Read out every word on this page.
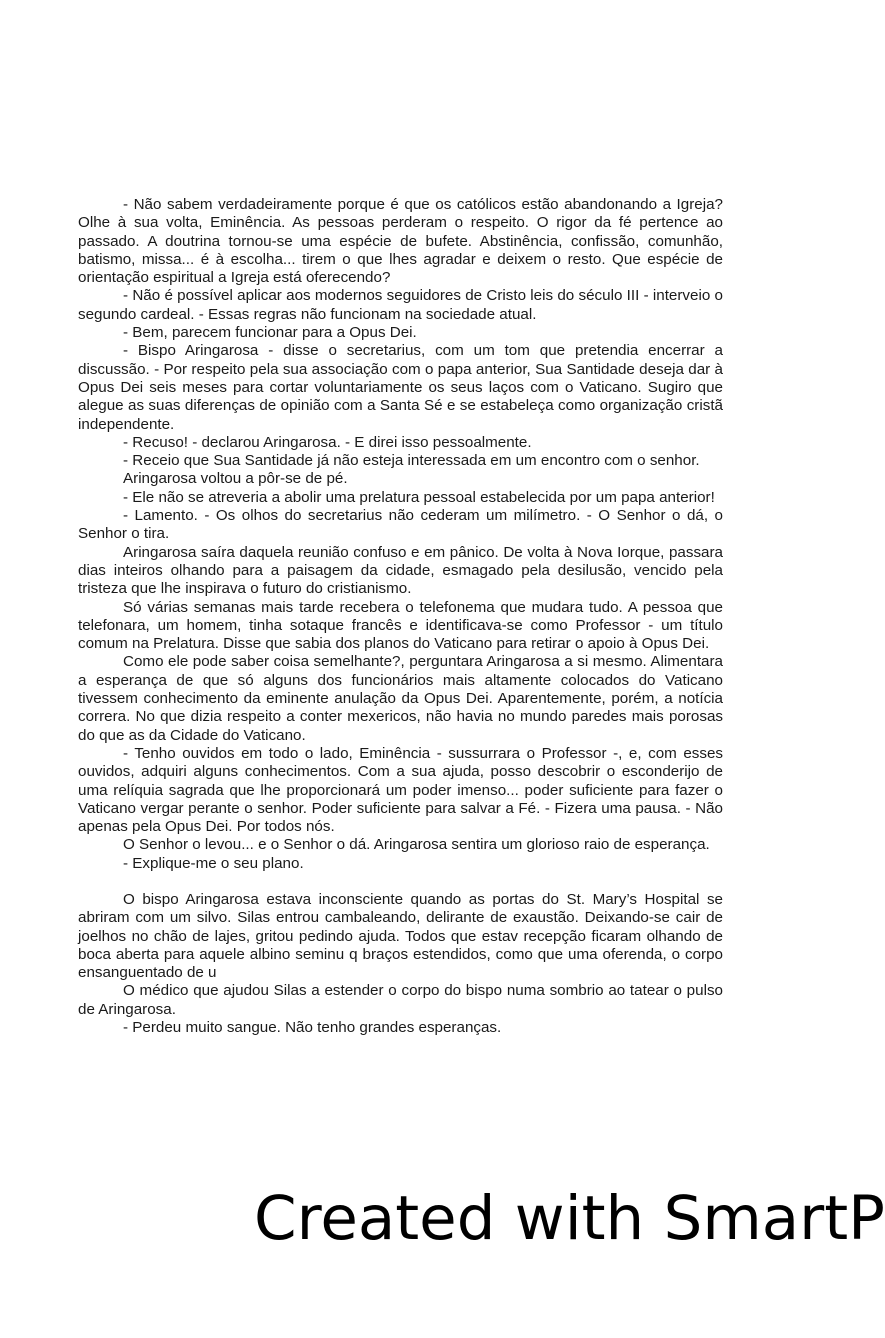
- Não sabem verdadeiramente porque é que os católicos estão abandonando a Igreja? Olhe à sua volta, Eminência. As pessoas perderam o respeito. O rigor da fé pertence ao passado. A doutrina tornou-se uma espécie de bufete. Abstinência, confissão, comunhão, batismo, missa... é à escolha... tirem o que lhes agradar e deixem o resto. Que espécie de orientação espiritual a Igreja está oferecendo?

- Não é possível aplicar aos modernos seguidores de Cristo leis do século III - interveio o segundo cardeal. - Essas regras não funcionam na sociedade atual.

- Bem, parecem funcionar para a Opus Dei.

- Bispo Aringarosa - disse o secretarius, com um tom que pretendia encerrar a discussão. - Por respeito pela sua associação com o papa anterior, Sua Santidade deseja dar à Opus Dei seis meses para cortar voluntariamente os seus laços com o Vaticano. Sugiro que alegue as suas diferenças de opinião com a Santa Sé e se estabeleça como organização cristã independente.

- Recuso! - declarou Aringarosa. - E direi isso pessoalmente.

- Receio que Sua Santidade já não esteja interessada em um encontro com o senhor.

Aringarosa voltou a pôr-se de pé.

- Ele não se atreveria a abolir uma prelatura pessoal estabelecida por um papa anterior!

- Lamento. - Os olhos do secretarius não cederam um milímetro. - O Senhor o dá, o Senhor o tira.

Aringarosa saíra daquela reunião confuso e em pânico. De volta à Nova Iorque, passara dias inteiros olhando para a paisagem da cidade, esmagado pela desilusão, vencido pela tristeza que lhe inspirava o futuro do cristianismo.

Só várias semanas mais tarde recebera o telefonema que mudara tudo. A pessoa que telefonara, um homem, tinha sotaque francês e identificava-se como Professor - um título comum na Prelatura. Disse que sabia dos planos do Vaticano para retirar o apoio à Opus Dei.

Como ele pode saber coisa semelhante?, perguntara Aringarosa a si mesmo. Alimentara a esperança de que só alguns dos funcionários mais altamente colocados do Vaticano tivessem conhecimento da eminente anulação da Opus Dei. Aparentemente, porém, a notícia correra. No que dizia respeito a conter mexericos, não havia no mundo paredes mais porosas do que as da Cidade do Vaticano.

- Tenho ouvidos em todo o lado, Eminência - sussurrara o Professor -, e, com esses ouvidos, adquiri alguns conhecimentos. Com a sua ajuda, posso descobrir o esconderijo de uma relíquia sagrada que lhe proporcionará um poder imenso... poder suficiente para fazer o Vaticano vergar perante o senhor. Poder suficiente para salvar a Fé. - Fizera uma pausa. - Não apenas pela Opus Dei. Por todos nós.

O Senhor o levou... e o Senhor o dá. Aringarosa sentira um glorioso raio de esperança.

- Explique-me o seu plano.

O bispo Aringarosa estava inconsciente quando as portas do St. Mary’s Hospital se abriram com um silvo. Silas entrou cambaleando, delirante de exaustão. Deixando-se cair de joelhos no chão de lajes, gritou pedindo ajuda. Todos que estav recepção ficaram olhando de boca aberta para aquele albino seminu q braços estendidos, como que uma oferenda, o corpo ensanguentado de u

O médico que ajudou Silas a estender o corpo do bispo numa sombrio ao tatear o pulso de Aringarosa.

- Perdeu muito sangue. Não tenho grandes esperanças.

Created with SmartP
